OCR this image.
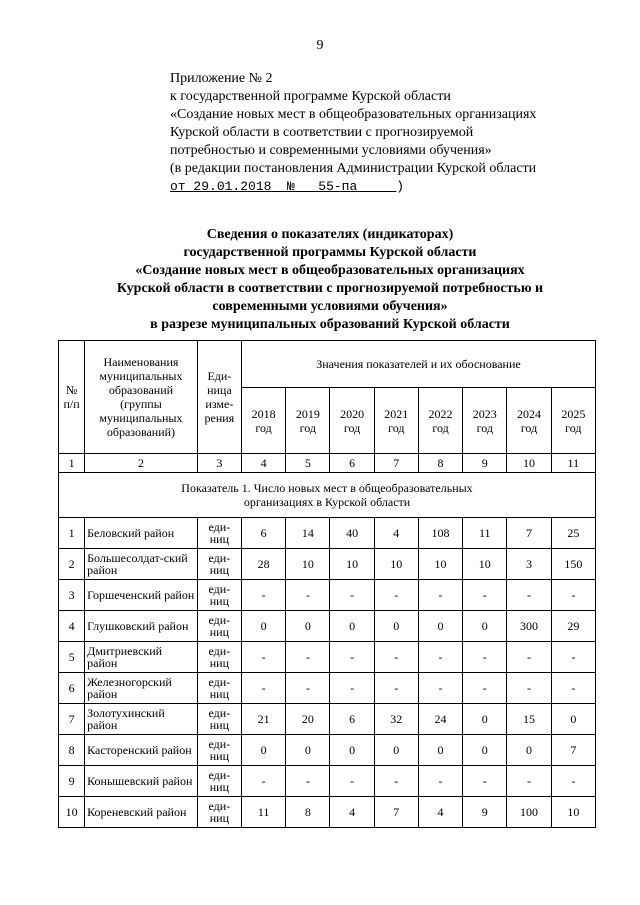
9
Приложение № 2
к государственной программе Курской области
«Создание новых мест в общеобразовательных организациях
Курской области в соответствии с прогнозируемой
потребностью и современными условиями обучения»
(в редакции постановления Администрации Курской области
от 29.01.2018 № 55-па	)
Сведения о показателях (индикаторах)
государственной программы Курской области
«Создание новых мест в общеобразовательных организациях
Курской области в соответствии с прогнозируемой потребностью и
современными условиями обучения»
в разрезе муниципальных образований Курской области
№ п/п	Наименования муниципальных образований (группы муниципальных образований)	Еди-ница изме-рения	Значения показателей и их обоснование							
			2018 год	2019 год	2020 год	2021 год	2022 год	2023 год	2024 год	2025 год
1	2	3	4	5	6	7	8	9	10	11
Показатель 1. Число новых мест в общеобразовательных организациях в Курской области										
1	Беловский район	еди-ниц	6	14	40	4	108	11	7	25
2	Большесолдат-ский район	еди-ниц	28	10	10	10	10	10	3	150
3	Горшеченский район	еди-ниц	-	-	-	-	-	-	-	-
4	Глушковский район	еди-ниц	0	0	0	0	0	0	300	29
5	Дмитриевский район	еди-ниц	-	-	-	-	-	-	-	-
6	Железногорский район	еди-ниц	-	-	-	-	-	-	-	-
7	Золотухинский район	еди-ниц	21	20	6	32	24	0	15	0
8	Касторенский район	еди-ниц	0	0	0	0	0	0	0	7
9	Конышевский район	еди-ниц	-	-	-	-	-	-	-	-
10	Кореневский район	еди-ниц	11	8	4	7	4	9	100	10
